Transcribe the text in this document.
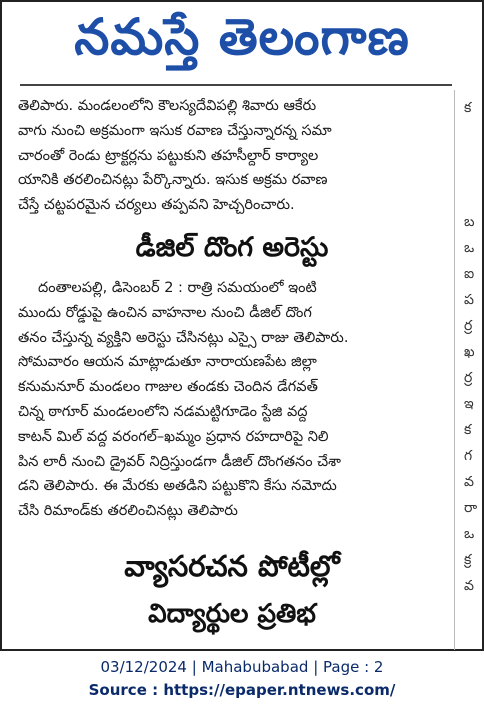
నమస్తే తెలంగాణ
తెలిపారు. మండలంలోని కౌలస్యదేవిపల్లి శివారు ఆకేరు
వాగు నుంచి అక్రమంగా ఇసుక రవాణ చేస్తున్నారన్న సమా
చారంతో రెండు ట్రాక్టర్లను పట్టుకుని తహసీల్దార్ కార్యాల
యానికి తరలించినట్లు పేర్కొన్నారు. ఇసుక అక్రమ రవాణ
చేస్తే చట్టపరమైన చర్యలు తప్పవని హెచ్చరించారు.
డీజిల్ దొంగ అరెస్టు
దంతాలపల్లి, డిసెంబర్ 2 : రాత్రి సమయంలో ఇంటి
ముందు రోడ్డుపై ఉంచిన వాహనాల నుంచి డీజిల్ దొంగ
తనం చేస్తున్న వ్యక్తిని అరెస్టు చేసినట్లు ఎస్సై రాజు తెలిపారు.
సోమవారం ఆయన మాట్లాడుతూ నారాయణపేట జిల్లా
కనుమనూర్ మండలం గాజుల తండకు చెందిన డేగవత్
చిన్న ఠాగూర్ మండలంలోని నడమట్టిగూడెం స్టేజి వద్ద
కాటన్ మిల్ వద్ద వరంగల్–ఖమ్మం ప్రధాన రహదారిపై నిలి
పిన లారీ నుంచి డ్రైవర్ నిద్రిస్తుండగా డీజిల్ దొంగతనం చేశా
డని తెలిపారు. ఈ మేరకు అతడిని పట్టుకొని కేసు నమోదు
చేసి రిమాండ్‌కు తరలించినట్లు తెలిపారు
వ్యాసరచన పోటీల్లో
విద్యార్థుల ప్రతిభ
క
బ
ఒ
ఐ
ప
ర్ర
ఖ
ర్ర
ఇ
క
గ
వ
రా
ఒ
క్ర
వ
03/12/2024 | Mahabubabad | Page : 2
Source : https://epaper.ntnews.com/
